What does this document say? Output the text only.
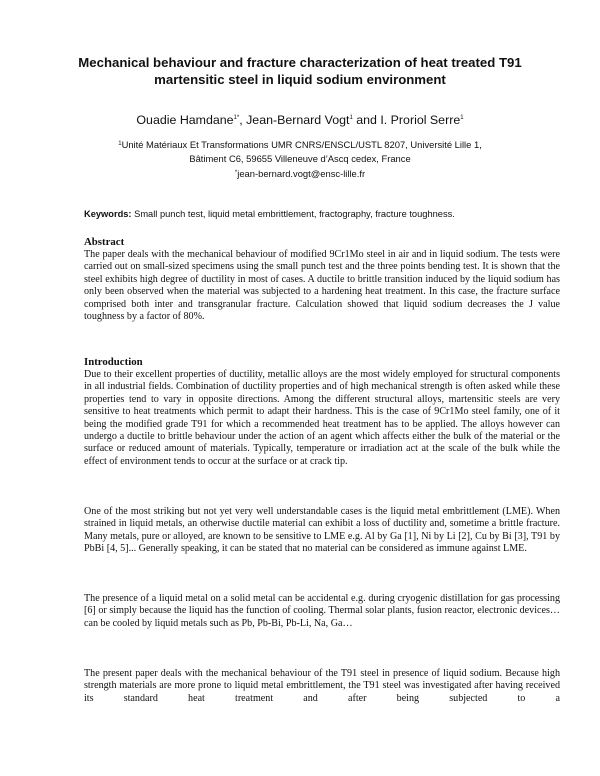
Mechanical behaviour and fracture characterization of heat treated T91 martensitic steel in liquid sodium environment
Ouadie Hamdane$^{1*}$, Jean-Bernard Vogt$^1$ and I. Proriol Serre$^1$
$^1$Unité Matériaux Et Transformations UMR CNRS/ENSCL/USTL 8207, Université Lille 1,
Bâtiment C6, 59655 Villeneuve d’Ascq cedex, France
*jean-bernard.vogt@ensc-lille.fr
Keywords: Small punch test, liquid metal embrittlement, fractography, fracture toughness.
Abstract

The paper deals with the mechanical behaviour of modified 9Cr1Mo steel in air and in liquid sodium. The tests were carried out on small-sized specimens using the small punch test and the three points bending test. It is shown that the steel exhibits high degree of ductility in most of cases. A ductile to brittle transition induced by the liquid sodium has only been observed when the material was subjected to a hardening heat treatment. In this case, the fracture surface comprised both inter and transgranular fracture. Calculation showed that liquid sodium decreases the J value toughness by a factor of 80%.

Introduction

Due to their excellent properties of ductility, metallic alloys are the most widely employed for structural components in all industrial fields. Combination of ductility properties and of high mechanical strength is often asked while these properties tend to vary in opposite directions. Among the different structural alloys, martensitic steels are very sensitive to heat treatments which permit to adapt their hardness. This is the case of 9Cr1Mo steel family, one of it being the modified grade T91 for which a recommended heat treatment has to be applied. The alloys however can undergo a ductile to brittle behaviour under the action of an agent which affects either the bulk of the material or the surface or reduced amount of materials. Typically, temperature or irradiation act at the scale of the bulk while the effect of environment tends to occur at the surface or at crack tip.

One of the most striking but not yet very well understandable cases is the liquid metal embrittlement (LME). When strained in liquid metals, an otherwise ductile material can exhibit a loss of ductility and, sometime a brittle fracture. Many metals, pure or alloyed, are known to be sensitive to LME e.g. Al by Ga [1], Ni by Li [2], Cu by Bi [3], T91 by PbBi [4, 5]... Generally speaking, it can be stated that no material can be considered as immune against LME.

The presence of a liquid metal on a solid metal can be accidental e.g. during cryogenic distillation for gas processing [6] or simply because the liquid has the function of cooling. Thermal solar plants, fusion reactor, electronic devices… can be cooled by liquid metals such as Pb, Pb-Bi, Pb-Li, Na, Ga…

The present paper deals with the mechanical behaviour of the T91 steel in presence of liquid sodium. Because high strength materials are more prone to liquid metal embrittlement, the T91 steel was investigated after having received its standard heat treatment and after being subjected to a
